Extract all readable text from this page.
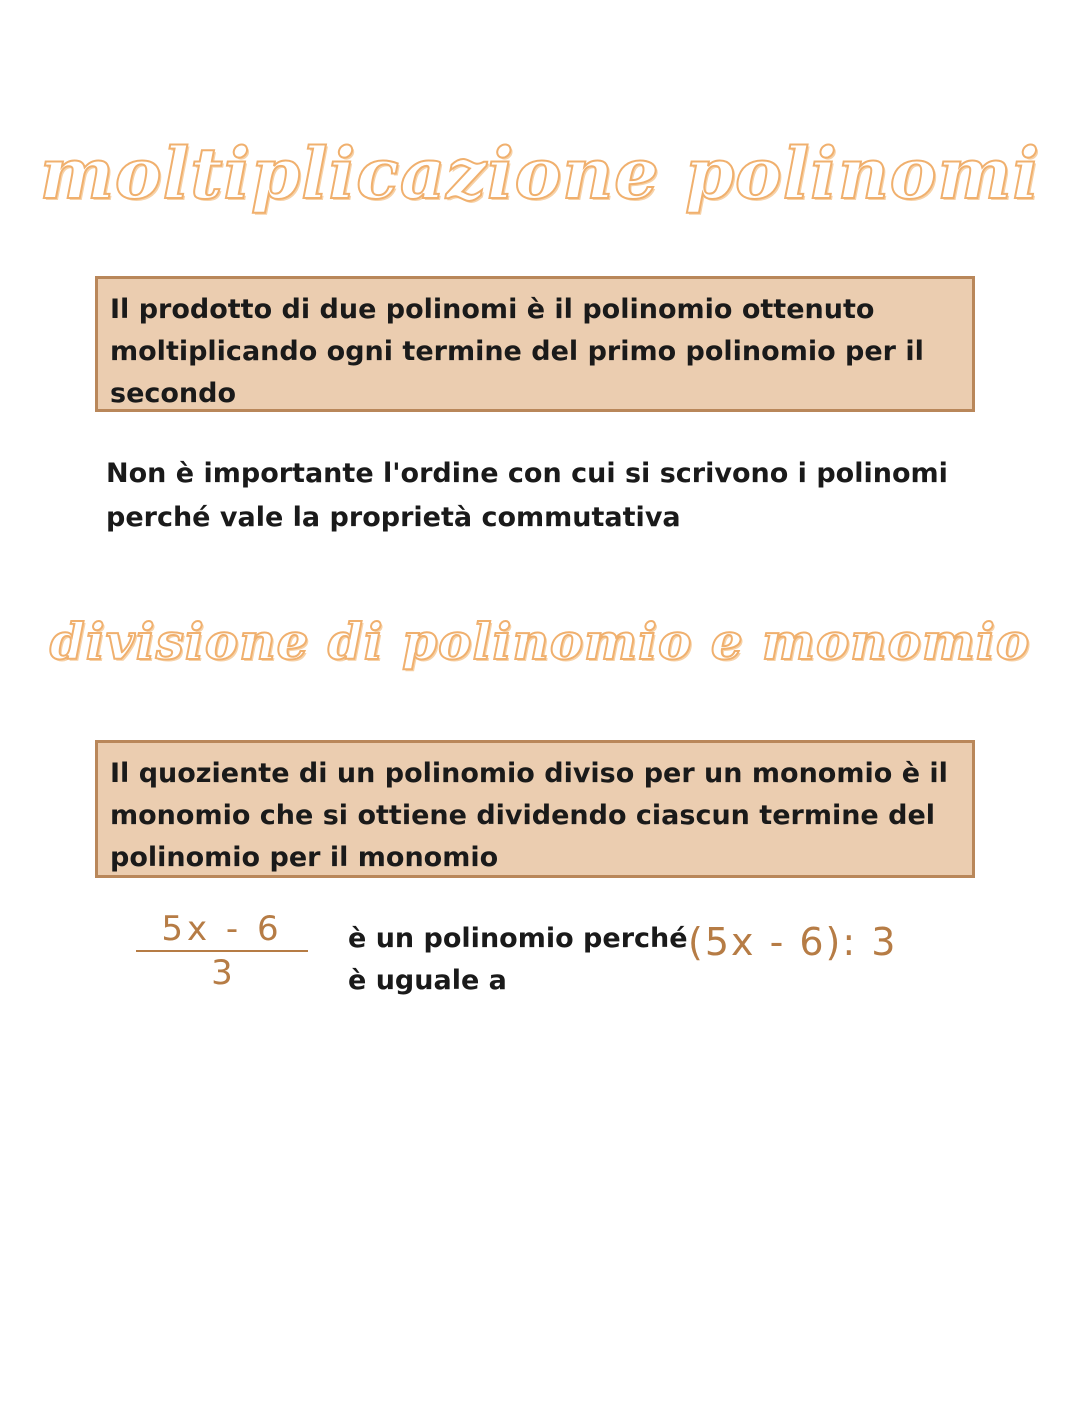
moltiplicazione polinomi
Il prodotto di due polinomi è il polinomio ottenuto
moltiplicando ogni termine del primo polinomio per il
secondo
Non è importante l'ordine con cui si scrivono i polinomi
perché vale la proprietà commutativa
divisione di polinomio e monomio
Il quoziente di un polinomio diviso per un monomio è il
monomio che si ottiene dividendo ciascun termine del
polinomio per il monomio
5x - 6
3
è un polinomio perché
è uguale a
(5x - 6): 3
